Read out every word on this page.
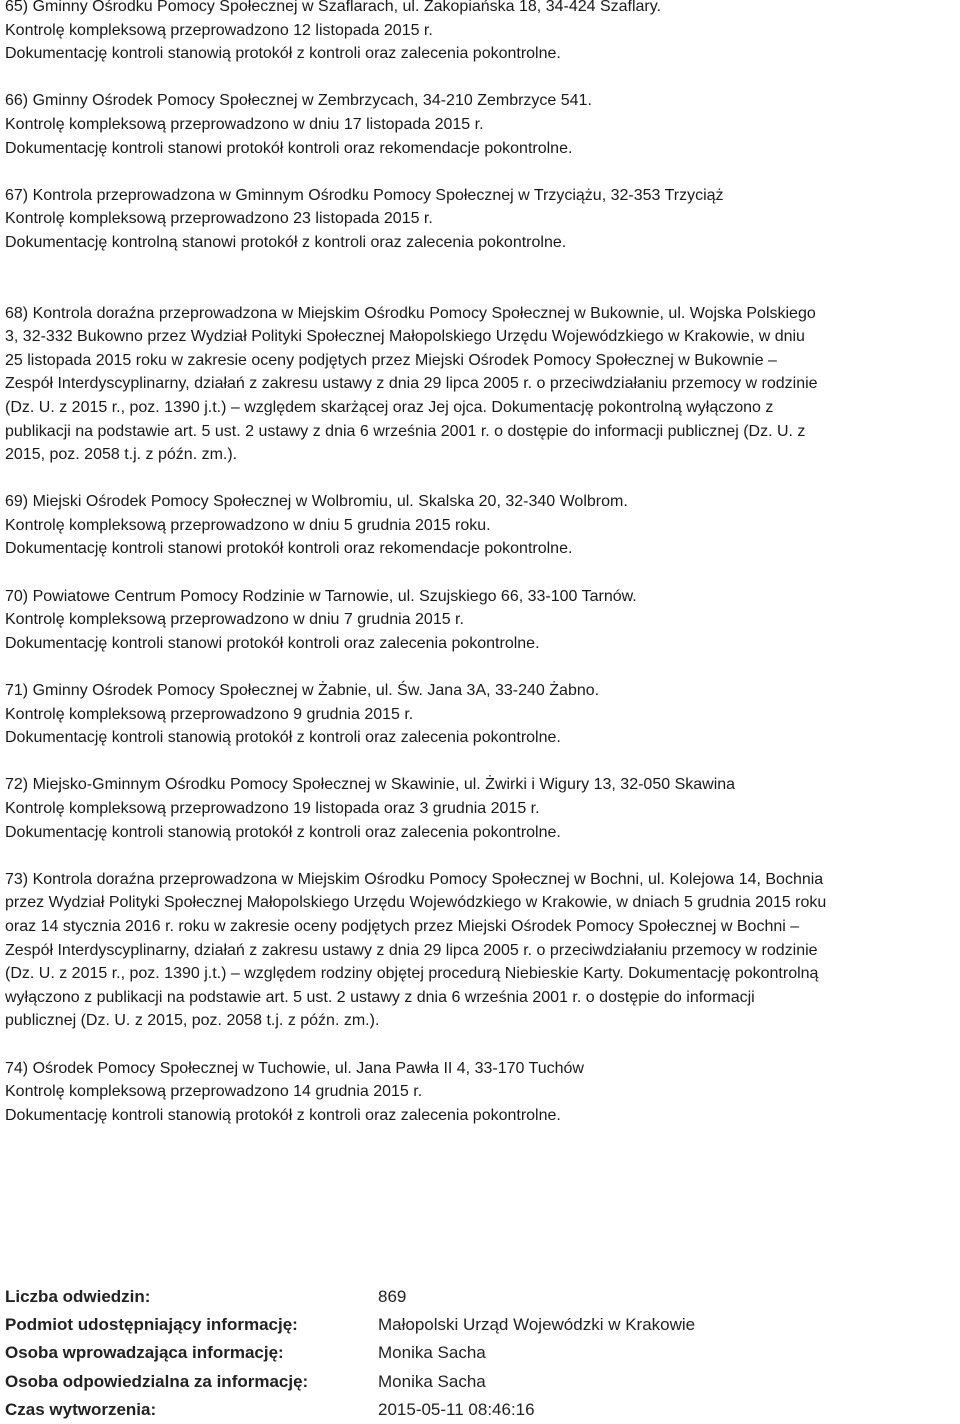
65) Gminny Ośrodku Pomocy Społecznej w Szaflarach, ul. Zakopiańska 18, 34-424 Szaflary.

Kontrolę kompleksową przeprowadzono 12 listopada 2015 r.

Dokumentację kontroli stanowią protokół z kontroli oraz zalecenia pokontrolne.

66) Gminny Ośrodek Pomocy Społecznej w Zembrzycach, 34-210 Zembrzyce 541.

Kontrolę kompleksową przeprowadzono w dniu 17 listopada 2015 r.

Dokumentację kontroli stanowi protokół kontroli oraz rekomendacje pokontrolne.

67) Kontrola przeprowadzona w Gminnym Ośrodku Pomocy Społecznej w Trzyciążu, 32-353 Trzyciąż

Kontrolę kompleksową przeprowadzono 23 listopada 2015 r.

Dokumentację kontrolną stanowi protokół z kontroli oraz zalecenia pokontrolne.

68) Kontrola doraźna przeprowadzona w Miejskim Ośrodku Pomocy Społecznej w Bukownie, ul. Wojska Polskiego

3, 32-332 Bukowno przez Wydział Polityki Społecznej Małopolskiego Urzędu Wojewódzkiego w Krakowie, w dniu

25 listopada 2015 roku w zakresie oceny podjętych przez Miejski Ośrodek Pomocy Społecznej w Bukownie –

Zespół Interdyscyplinarny, działań z zakresu ustawy z dnia 29 lipca 2005 r. o przeciwdziałaniu przemocy w rodzinie

(Dz. U. z 2015 r., poz. 1390 j.t.) – względem skarżącej oraz Jej ojca. Dokumentację pokontrolną wyłączono z

publikacji na podstawie art. 5 ust. 2 ustawy z dnia 6 września 2001 r. o dostępie do informacji publicznej (Dz. U. z

2015, poz. 2058 t.j. z późn. zm.).

69) Miejski Ośrodek Pomocy Społecznej w Wolbromiu, ul. Skalska 20, 32-340 Wolbrom.

Kontrolę kompleksową przeprowadzono w dniu 5 grudnia 2015 roku.

Dokumentację kontroli stanowi protokół kontroli oraz rekomendacje pokontrolne.

70) Powiatowe Centrum Pomocy Rodzinie w Tarnowie, ul. Szujskiego 66, 33-100 Tarnów.

Kontrolę kompleksową przeprowadzono w dniu 7 grudnia 2015 r.

Dokumentację kontroli stanowi protokół kontroli oraz zalecenia pokontrolne.

71) Gminny Ośrodek Pomocy Społecznej w Żabnie, ul. Św. Jana 3A, 33-240 Żabno.

Kontrolę kompleksową przeprowadzono 9 grudnia 2015 r.

Dokumentację kontroli stanowią protokół z kontroli oraz zalecenia pokontrolne.

72) Miejsko-Gminnym Ośrodku Pomocy Społecznej w Skawinie, ul. Żwirki i Wigury 13, 32-050 Skawina

Kontrolę kompleksową przeprowadzono 19 listopada oraz 3 grudnia 2015 r.

Dokumentację kontroli stanowią protokół z kontroli oraz zalecenia pokontrolne.

73) Kontrola doraźna przeprowadzona w Miejskim Ośrodku Pomocy Społecznej w Bochni, ul. Kolejowa 14, Bochnia

przez Wydział Polityki Społecznej Małopolskiego Urzędu Wojewódzkiego w Krakowie, w dniach 5 grudnia 2015 roku

oraz 14 stycznia 2016 r. roku w zakresie oceny podjętych przez Miejski Ośrodek Pomocy Społecznej w Bochni –

Zespół Interdyscyplinarny, działań z zakresu ustawy z dnia 29 lipca 2005 r. o przeciwdziałaniu przemocy w rodzinie

(Dz. U. z 2015 r., poz. 1390 j.t.) – względem rodziny objętej procedurą Niebieskie Karty. Dokumentację pokontrolną

wyłączono z publikacji na podstawie art. 5 ust. 2 ustawy z dnia 6 września 2001 r. o dostępie do informacji

publicznej (Dz. U. z 2015, poz. 2058 t.j. z późn. zm.).

74) Ośrodek Pomocy Społecznej w Tuchowie, ul. Jana Pawła II 4, 33-170 Tuchów

Kontrolę kompleksową przeprowadzono 14 grudnia 2015 r.

Dokumentację kontroli stanowią protokół z kontroli oraz zalecenia pokontrolne.

Liczba odwiedzin:	869
Podmiot udostępniający informację:	Małopolski Urząd Wojewódzki w Krakowie
Osoba wprowadzająca informację:	Monika Sacha
Osoba odpowiedzialna za informację:	Monika Sacha
Czas wytworzenia:	2015-05-11 08:46:16
